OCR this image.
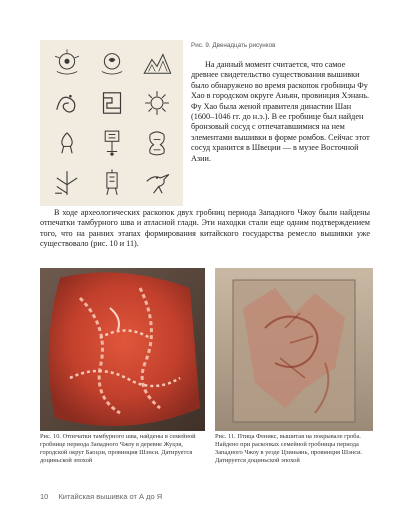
Рис. 9. Двенадцать рисунков

На данный момент считается, что самое древнее свидетельство существования вышивки было обнаружено во время раскопок гробницы Фу Хао в городском округе Аньян, провинция Хэнань. Фу Хао была женой правителя династии Шан (1600–1046 гг. до н.э.). В ее гробнице был найден бронзовый сосуд с отпечатавшимися на нем элементами вышивки в форме ромбов. Сейчас этот сосуд хранится в Швеции — в музее Восточной Азии.

В ходе археологических раскопок двух гробниц периода Западного Чжоу были найдены отпечатки тамбурного шва и атласной глади. Эти находки стали еще одним подтверждением того, что на ранних этапах формирования китайского государства ремесло вышивки уже существовало (рис. 10 и 11).

Рис. 10. Отпечатки тамбурного шва, найдены в семейной гробнице периода Западного Чжоу в деревне Жуцзя, городской округ Баоцзи, провинция Шэнси. Датируется доциньской эпохой
Рис. 11. Птица Феникс, вышитая на покрывале гроба. Найдено при раскопках семейной гробницы периода Западного Чжоу в уезде Цзиньянь, провинция Шэнси. Датируется доциньской эпохой
10 Китайская вышивка от А до Я
